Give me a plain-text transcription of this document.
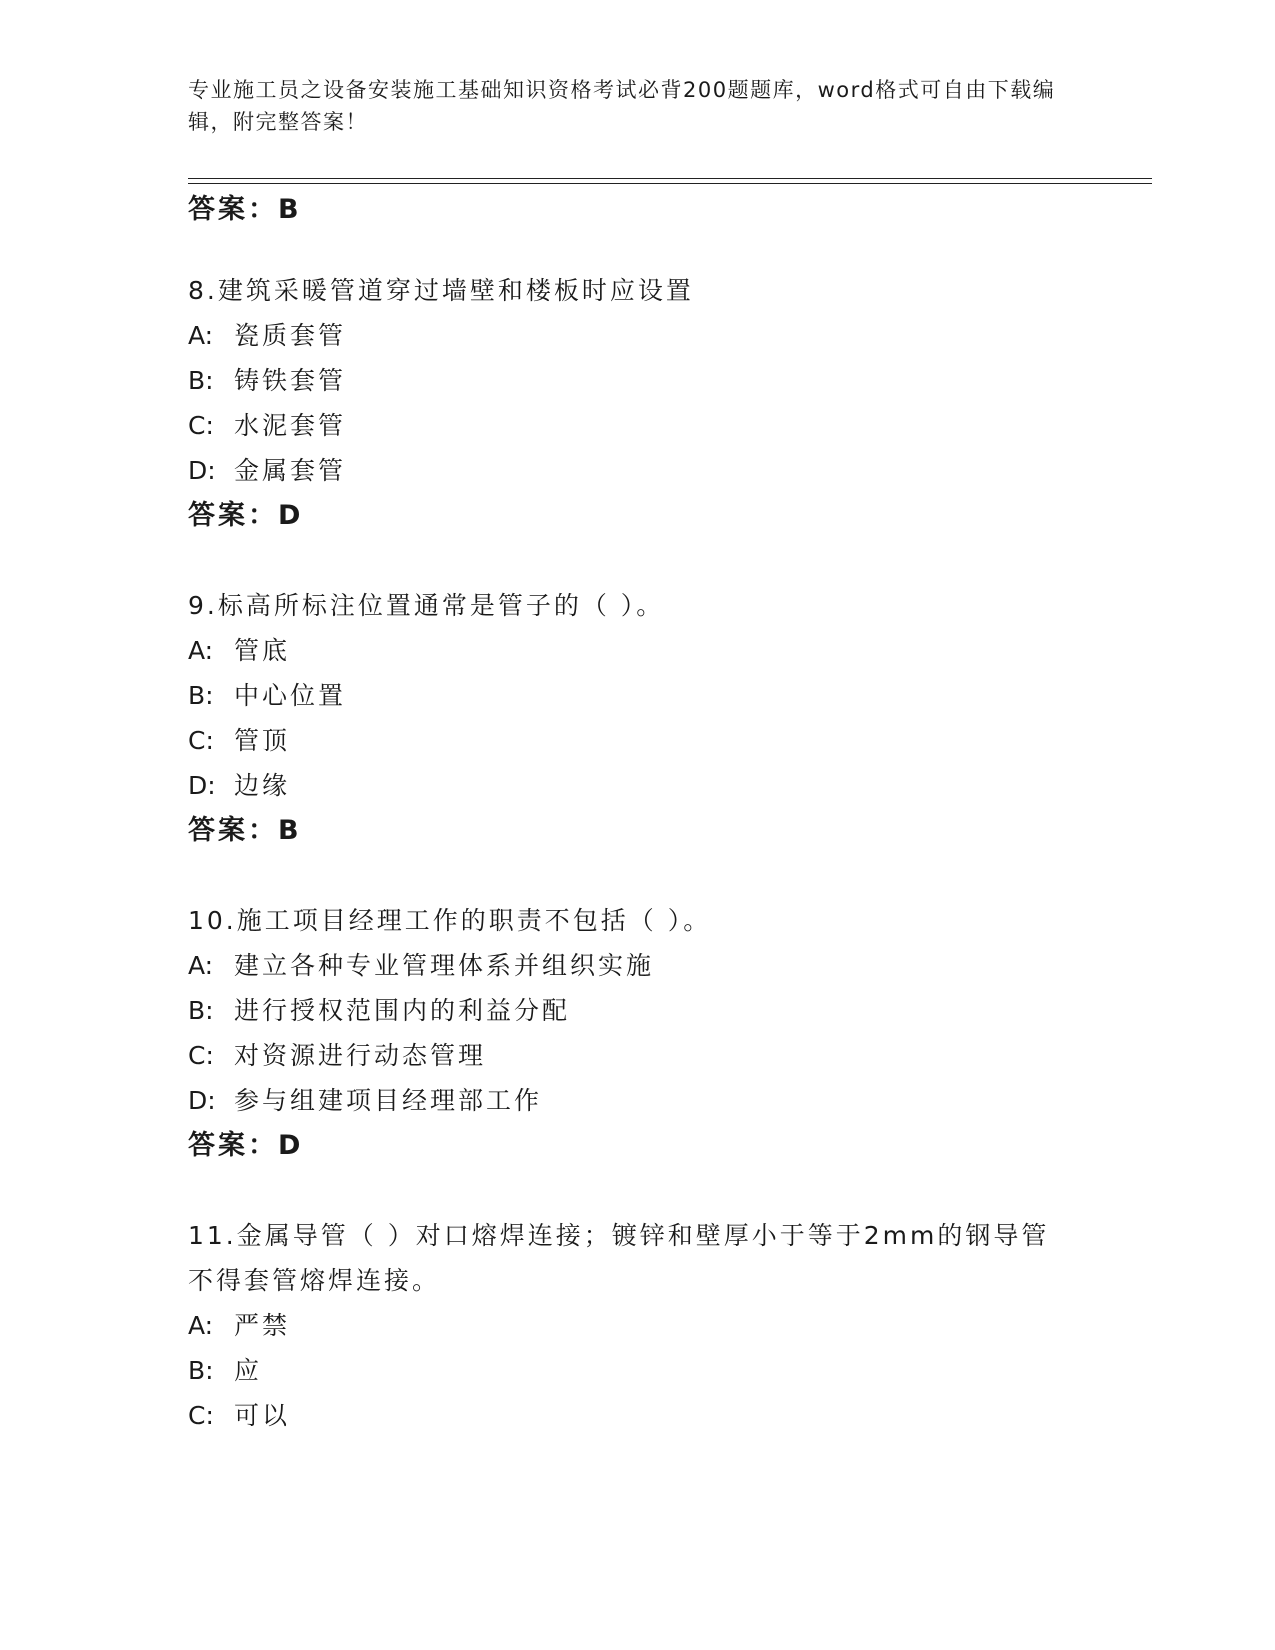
专业施工员之设备安装施工基础知识资格考试必背200题题库，word格式可自由下载编辑，附完整答案！
答案：B
8.建筑采暖管道穿过墙壁和楼板时应设置
A: 瓷质套管
B: 铸铁套管
C: 水泥套管
D: 金属套管
答案：D
9.标高所标注位置通常是管子的（ ）。
A: 管底
B: 中心位置
C: 管顶
D: 边缘
答案：B
10.施工项目经理工作的职责不包括（ ）。
A: 建立各种专业管理体系并组织实施
B: 进行授权范围内的利益分配
C: 对资源进行动态管理
D: 参与组建项目经理部工作
答案：D
11.金属导管（ ）对口熔焊连接；镀锌和壁厚小于等于2mm的钢导管不得套管熔焊连接。
A: 严禁
B: 应
C: 可以
